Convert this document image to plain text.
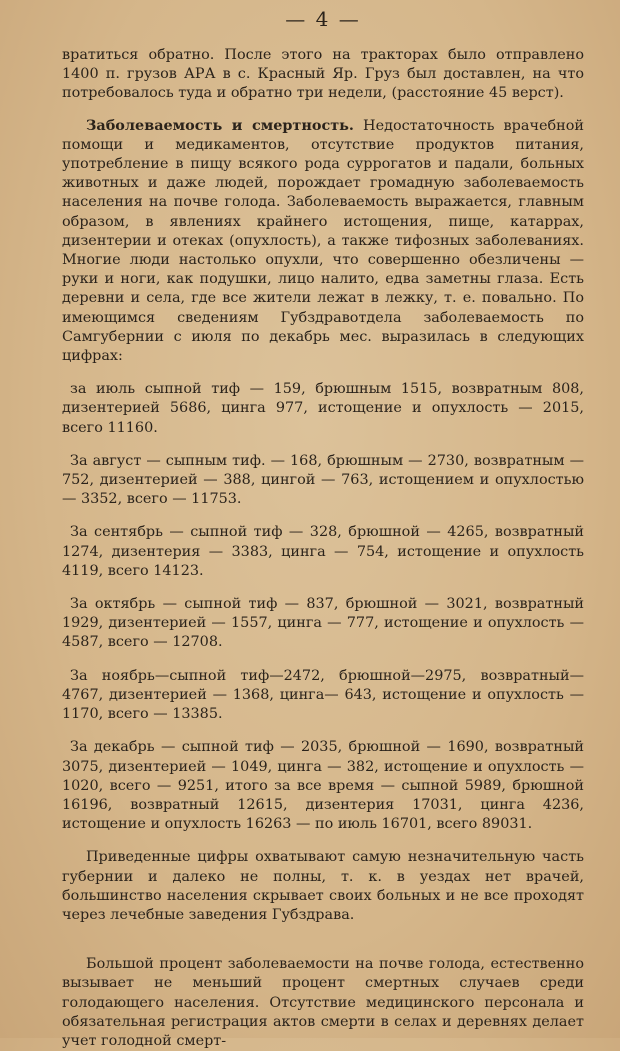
— 4 —

вратиться обратно. После этого на тракторах было отправлено 1400 п. грузов АРА в с. Красный Яр. Груз был доставлен, на что потребовалось туда и обратно три недели, (расстояние 45 верст).

Заболеваемость и смертность. Недостаточность врачебной помощи и медикаментов, отсутствие продуктов питания, употребление в пищу всякого рода суррогатов и падали, больных животных и даже людей, порождает громадную заболеваемость населения на почве голода. Заболеваемость выражается, главным образом, в явлениях крайнего истощения, пище, катаррах, дизентерии и отеках (опухлость), а также тифозных заболеваниях. Многие люди настолько опухли, что совершенно обезличены — руки и ноги, как подушки, лицо налито, едва заметны глаза. Есть деревни и села, где все жители лежат в лежку, т. е. повально. По имеющимся сведениям Губздравотдела заболеваемость по Самгубернии с июля по декабрь мес. выразилась в следующих цифрах:

за июль сыпной тиф — 159, брюшным 1515, возвратным 808, дизентерией 5686, цинга 977, истощение и опухлость — 2015, всего 11160.

За август — сыпным тиф. — 168, брюшным — 2730, возвратным — 752, дизентерией — 388, цингой — 763, истощением и опухлостью — 3352, всего — 11753.

За сентябрь — сыпной тиф — 328, брюшной — 4265, возвратный 1274, дизентерия — 3383, цинга — 754, истощение и опухлость 4119, всего 14123.

За октябрь — сыпной тиф — 837, брюшной — 3021, возвратный 1929, дизентерией — 1557, цинга — 777, истощение и опухлость — 4587, всего — 12708.

За ноябрь—сыпной тиф—2472, брюшной—2975, возвратный—4767, дизентерией — 1368, цинга— 643, истощение и опухлость — 1170, всего — 13385.

За декабрь — сыпной тиф — 2035, брюшной — 1690, возвратный 3075, дизентерией — 1049, цинга — 382, истощение и опухлость — 1020, всего — 9251, итого за все время — сыпной 5989, брюшной 16196, возвратный 12615, дизентерия 17031, цинга 4236, истощение и опухлость 16263 — по июль 16701, всего 89031.

Приведенные цифры охватывают самую незначительную часть губернии и далеко не полны, т. к. в уездах нет врачей, большинство населения скрывает своих больных и не все проходят через лечебные заведения Губздрава.

Большой процент заболеваемости на почве голода, естественно вызывает не меньший процент смертных случаев среди голодающего населения. Отсутствие медицинского персонала и обязательная регистрация актов смерти в селах и деревнях делает учет голодной смерт-
